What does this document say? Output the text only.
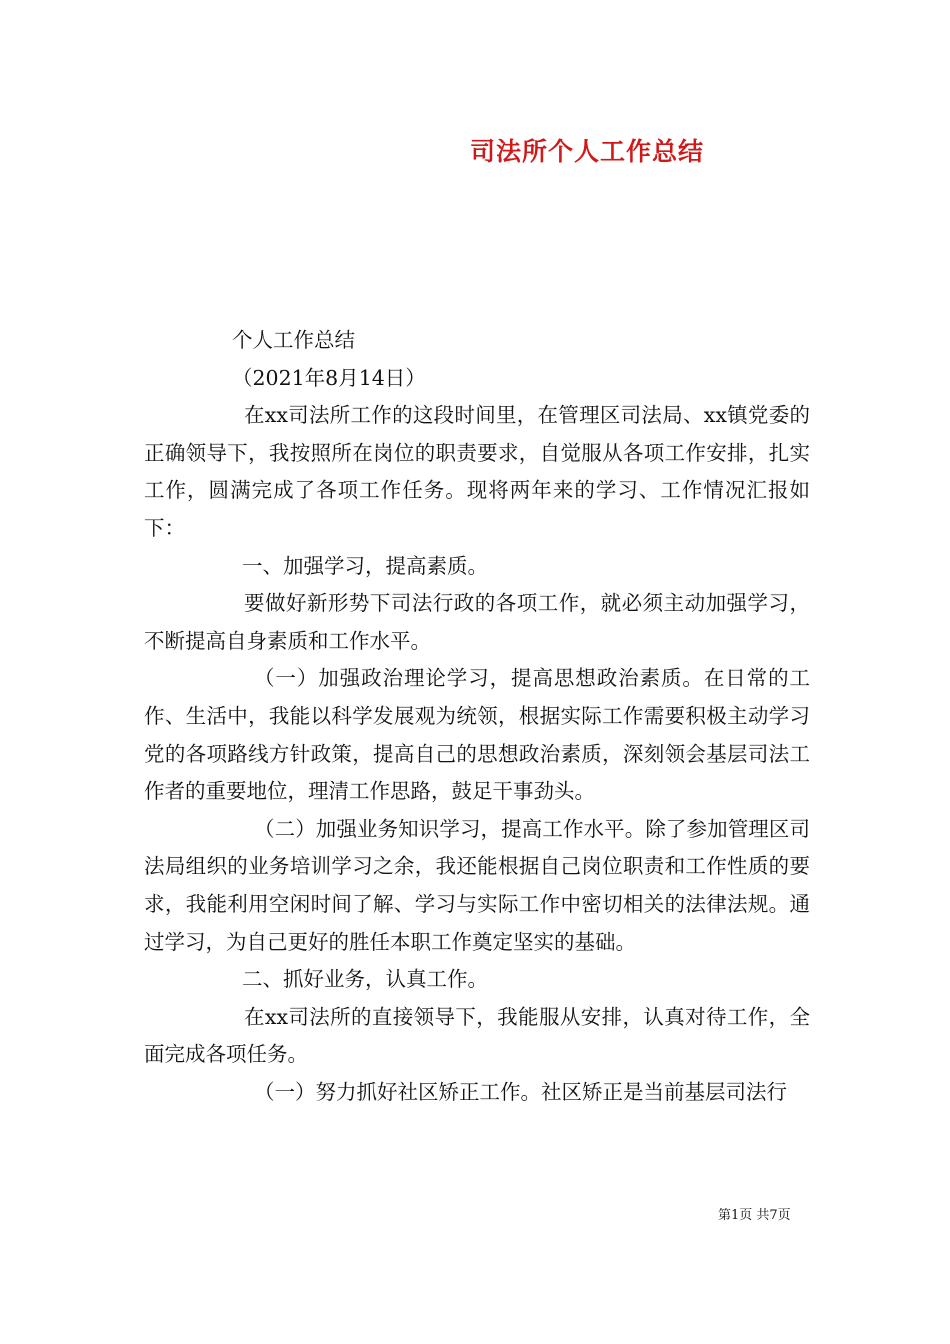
司法所个人工作总结

个人工作总结

（2021年8月14日）

在xx司法所工作的这段时间里，在管理区司法局、xx镇党委的正确领导下，我按照所在岗位的职责要求，自觉服从各项工作安排，扎实工作，圆满完成了各项工作任务。现将两年来的学习、工作情况汇报如下：

一、加强学习，提高素质。

要做好新形势下司法行政的各项工作，就必须主动加强学习，不断提高自身素质和工作水平。

（一）加强政治理论学习，提高思想政治素质。在日常的工作、生活中，我能以科学发展观为统领，根据实际工作需要积极主动学习党的各项路线方针政策，提高自己的思想政治素质，深刻领会基层司法工作者的重要地位，理清工作思路，鼓足干事劲头。

（二）加强业务知识学习，提高工作水平。除了参加管理区司法局组织的业务培训学习之余，我还能根据自己岗位职责和工作性质的要求，我能利用空闲时间了解、学习与实际工作中密切相关的法律法规。通过学习，为自己更好的胜任本职工作奠定坚实的基础。

二、抓好业务，认真工作。

在xx司法所的直接领导下，我能服从安排，认真对待工作，全面完成各项任务。

（一）努力抓好社区矫正工作。社区矫正是当前基层司法行

第1页 共7页
